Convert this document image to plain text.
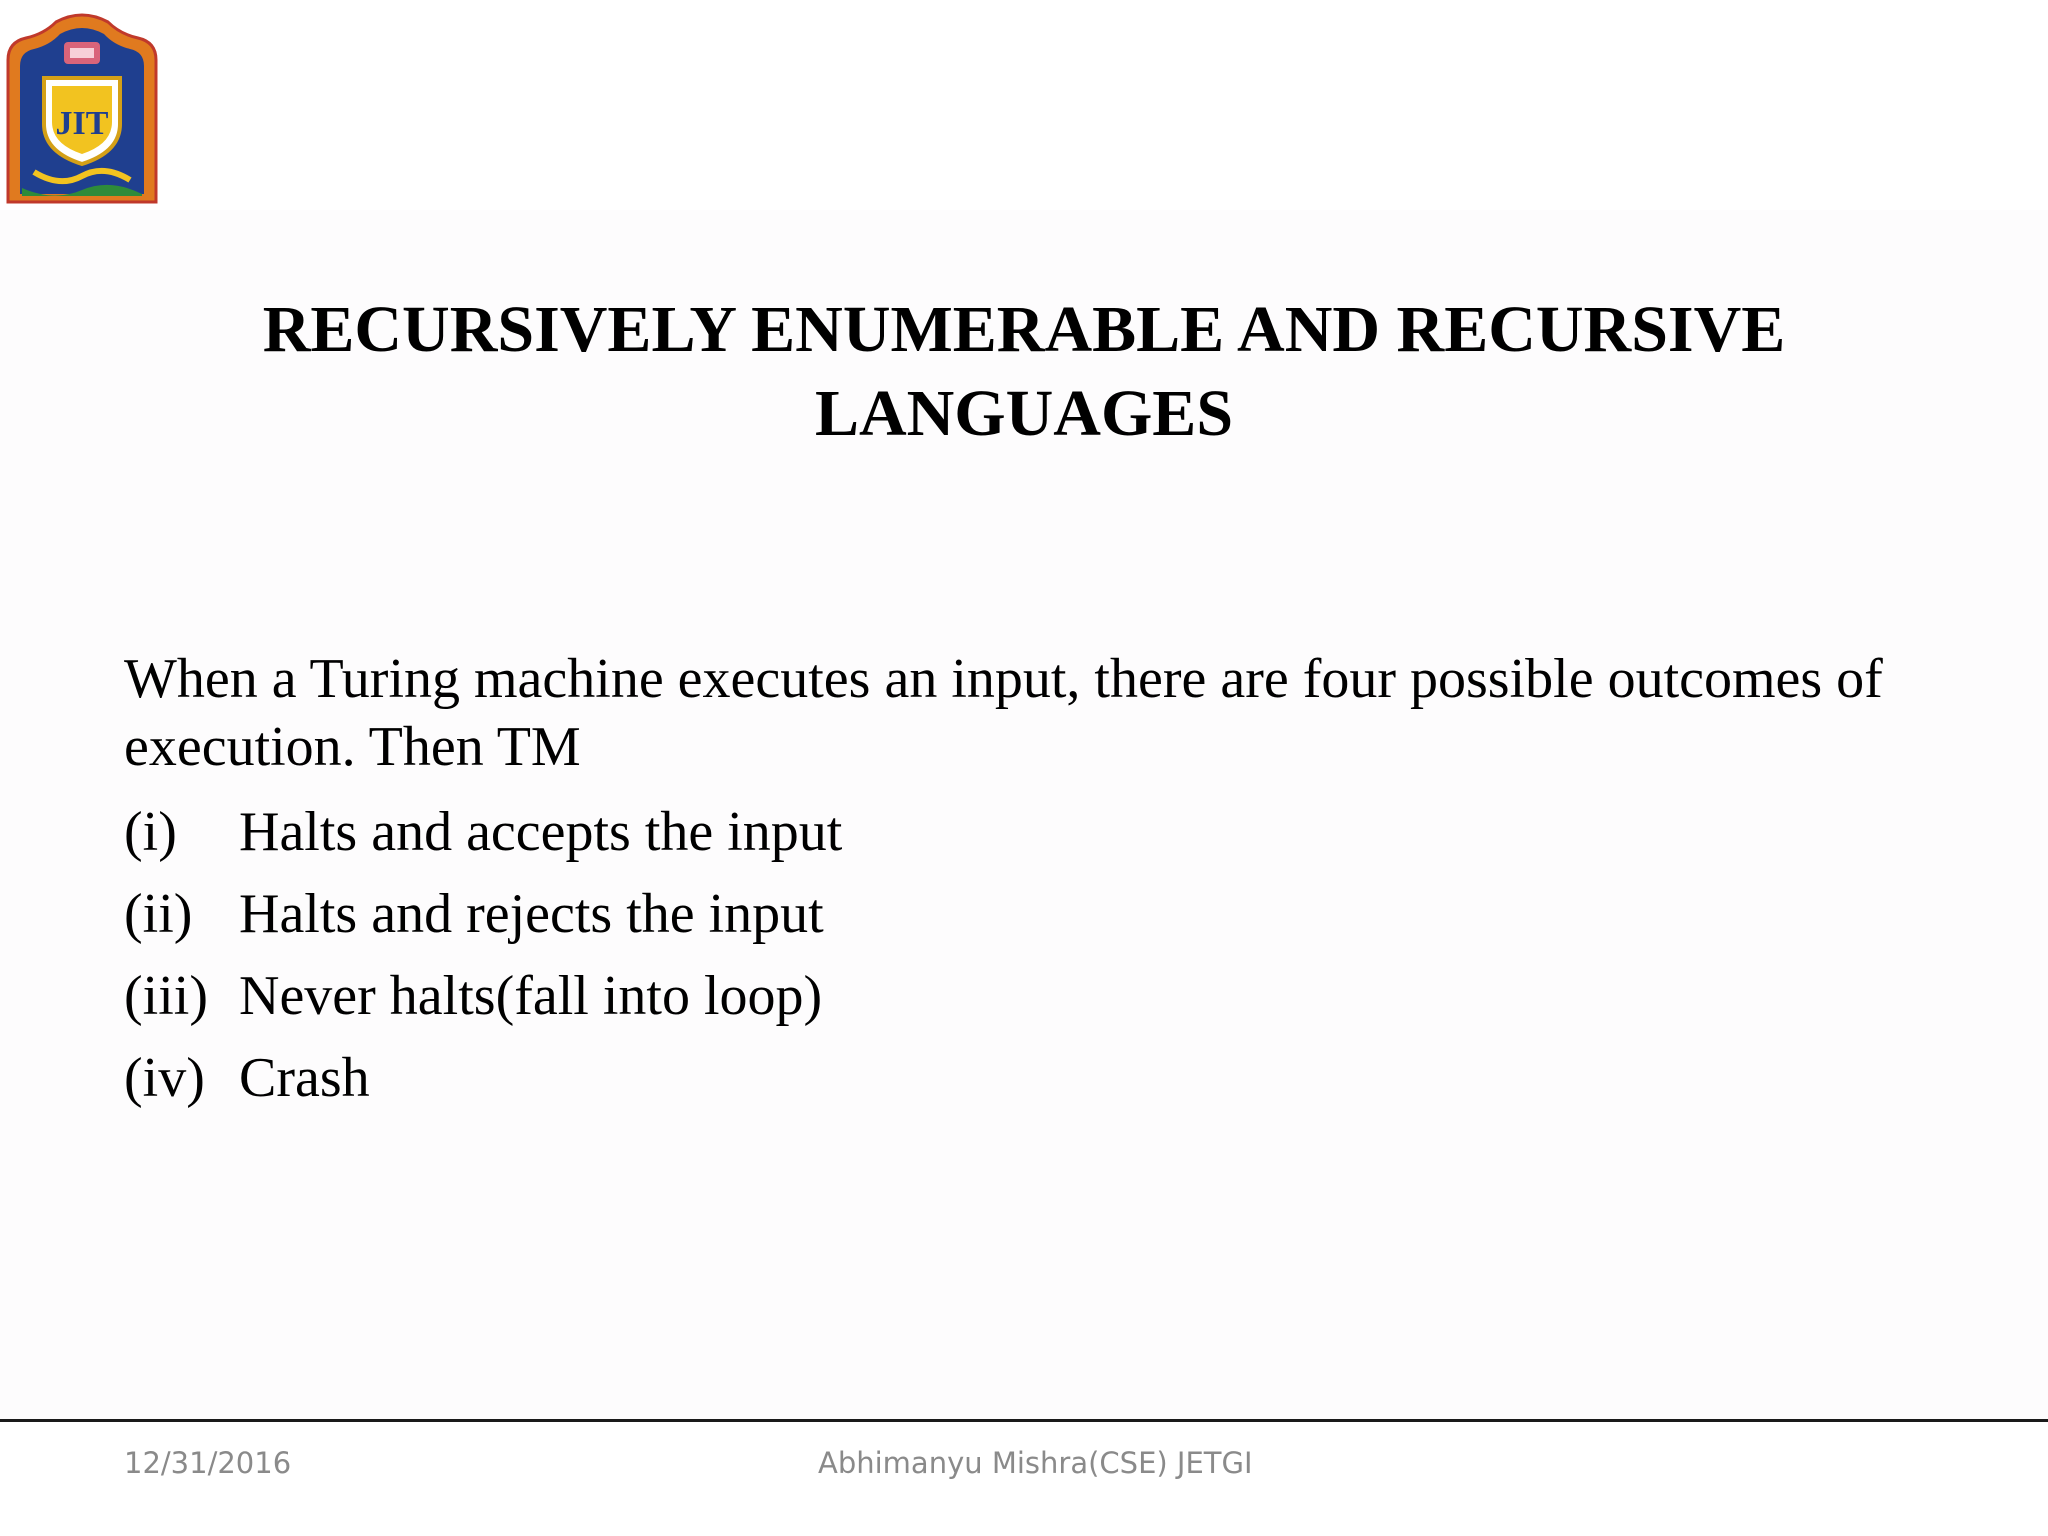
JIT
RECURSIVELY ENUMERABLE AND RECURSIVE LANGUAGES

When a Turing machine executes an input, there are four possible outcomes of execution. Then TM

(i)	Halts and accepts the input
(ii) Halts and rejects the input
(iii) Never halts(fall into loop)
(iv) Crash
12/31/2016	Abhimanyu Mishra(CSE) JETGI
